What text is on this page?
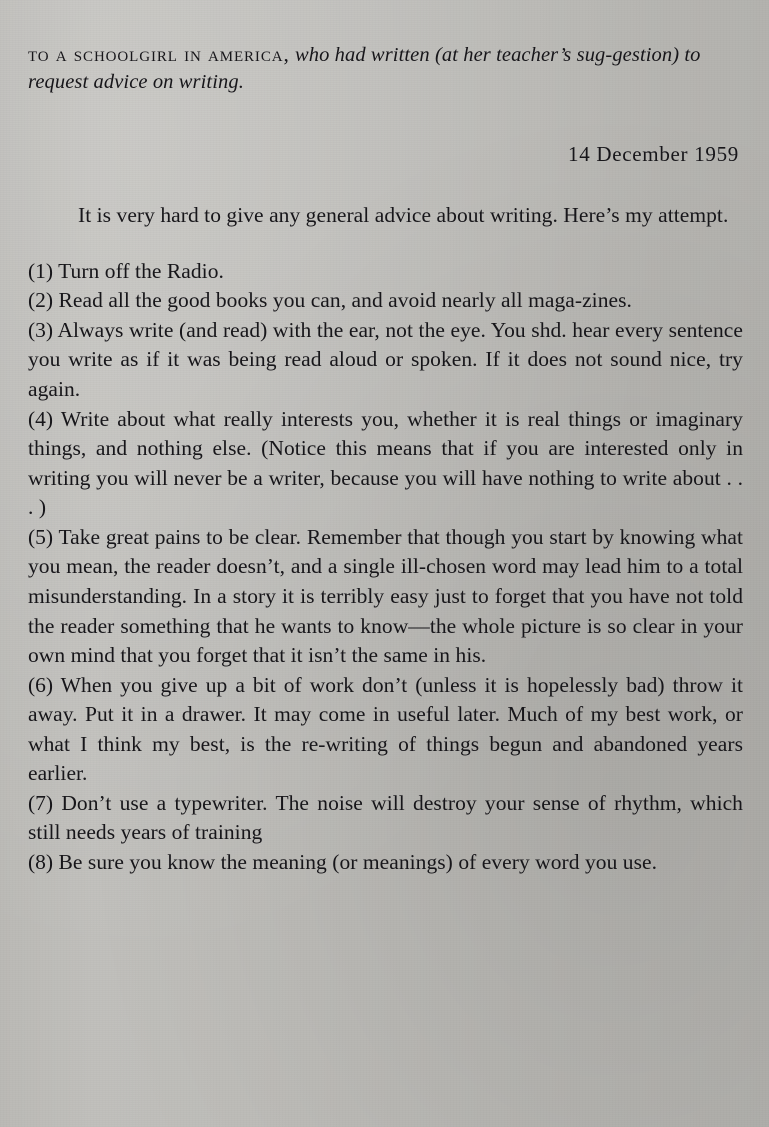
to a schoolgirl in america, who had written (at her teacher’s sug-gestion) to request advice on writing.

14 December 1959

It is very hard to give any general advice about writing. Here’s my attempt.

(1) Turn off the Radio.

(2) Read all the good books you can, and avoid nearly all maga-zines.

(3) Always write (and read) with the ear, not the eye. You shd. hear every sentence you write as if it was being read aloud or spoken. If it does not sound nice, try again.

(4) Write about what really interests you, whether it is real things or imaginary things, and nothing else. (Notice this means that if you are interested only in writing you will never be a writer, because you will have nothing to write about . . . )

(5) Take great pains to be clear. Remember that though you start by knowing what you mean, the reader doesn’t, and a single ill-chosen word may lead him to a total misunderstanding. In a story it is terribly easy just to forget that you have not told the reader something that he wants to know—the whole picture is so clear in your own mind that you forget that it isn’t the same in his.

(6) When you give up a bit of work don’t (unless it is hopelessly bad) throw it away. Put it in a drawer. It may come in useful later. Much of my best work, or what I think my best, is the re-writing of things begun and abandoned years earlier.

(7) Don’t use a typewriter. The noise will destroy your sense of rhythm, which still needs years of training

(8) Be sure you know the meaning (or meanings) of every word you use.
